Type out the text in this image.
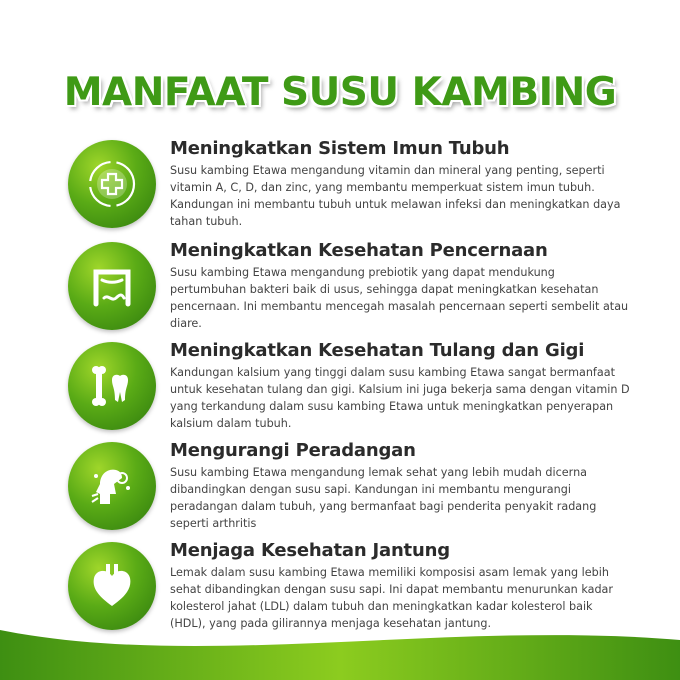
MANFAAT SUSU KAMBING
Meningkatkan Sistem Imun Tubuh
Susu kambing Etawa mengandung vitamin dan mineral yang penting, seperti vitamin A, C, D, dan zinc, yang membantu memperkuat sistem imun tubuh. Kandungan ini membantu tubuh untuk melawan infeksi dan meningkatkan daya tahan tubuh.
Meningkatkan Kesehatan Pencernaan
Susu kambing Etawa mengandung prebiotik yang dapat mendukung pertumbuhan bakteri baik di usus, sehingga dapat meningkatkan kesehatan pencernaan. Ini membantu mencegah masalah pencernaan seperti sembelit atau diare.
Meningkatkan Kesehatan Tulang dan Gigi
Kandungan kalsium yang tinggi dalam susu kambing Etawa sangat bermanfaat untuk kesehatan tulang dan gigi. Kalsium ini juga bekerja sama dengan vitamin D yang terkandung dalam susu kambing Etawa untuk meningkatkan penyerapan kalsium dalam tubuh.
Mengurangi Peradangan
Susu kambing Etawa mengandung lemak sehat yang lebih mudah dicerna dibandingkan dengan susu sapi. Kandungan ini membantu mengurangi peradangan dalam tubuh, yang bermanfaat bagi penderita penyakit radang seperti arthritis
Menjaga Kesehatan Jantung
Lemak dalam susu kambing Etawa memiliki komposisi asam lemak yang lebih sehat dibandingkan dengan susu sapi. Ini dapat membantu menurunkan kadar kolesterol jahat (LDL) dalam tubuh dan meningkatkan kadar kolesterol baik (HDL), yang pada gilirannya menjaga kesehatan jantung.
